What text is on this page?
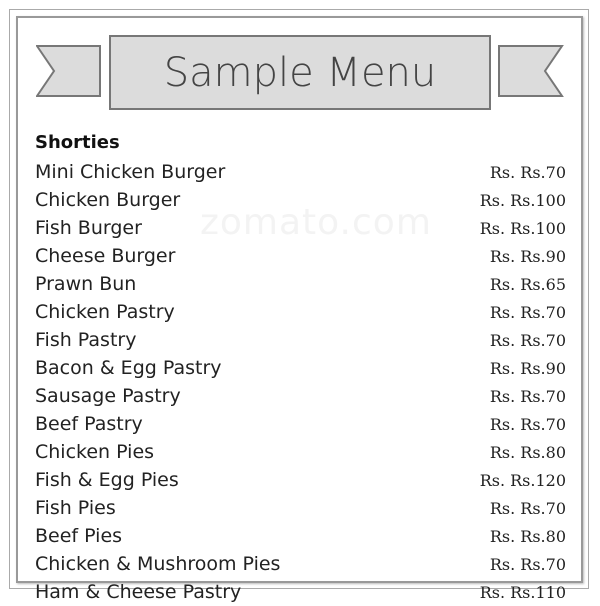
zomato.com
Sample Menu
Shorties
Mini Chicken Burger	Rs. Rs.70
Chicken Burger	Rs. Rs.100
Fish Burger	Rs. Rs.100
Cheese Burger	Rs. Rs.90
Prawn Bun	Rs. Rs.65
Chicken Pastry	Rs. Rs.70
Fish Pastry	Rs. Rs.70
Bacon & Egg Pastry	Rs. Rs.90
Sausage Pastry	Rs. Rs.70
Beef Pastry	Rs. Rs.70
Chicken Pies	Rs. Rs.80
Fish & Egg Pies	Rs. Rs.120
Fish Pies	Rs. Rs.70
Beef Pies	Rs. Rs.80
Chicken & Mushroom Pies	Rs. Rs.70
Ham & Cheese Pastry	Rs. Rs.110
